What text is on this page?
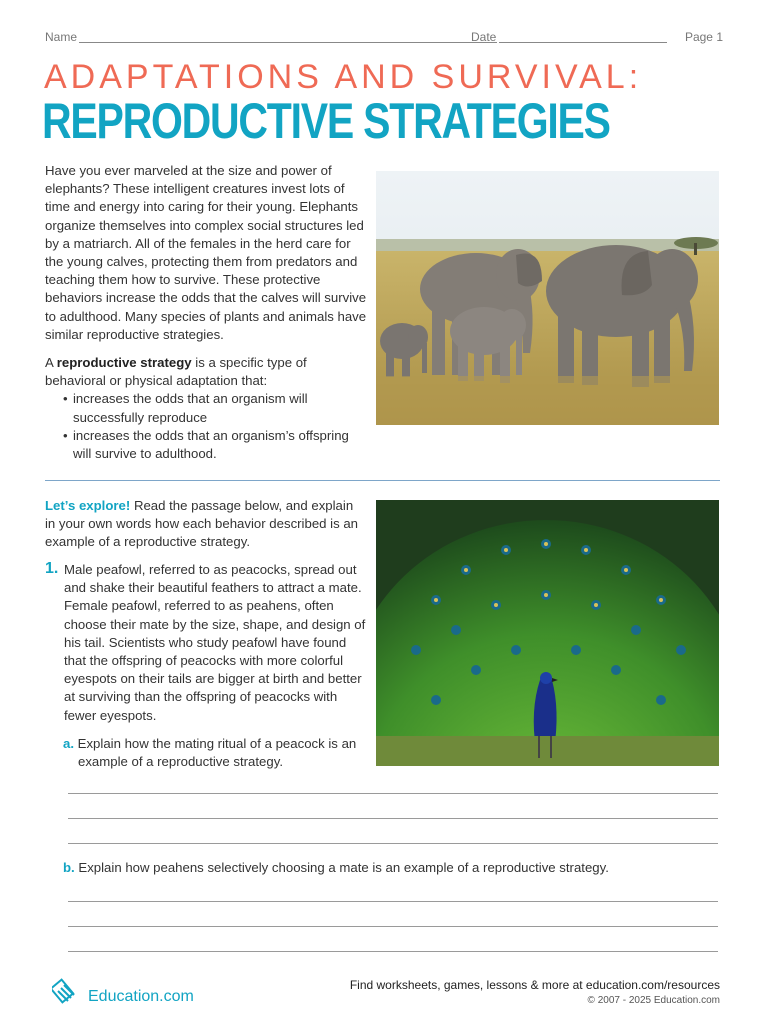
Name	Date	Page 1
ADAPTATIONS AND SURVIVAL:
REPRODUCTIVE STRATEGIES

Have you ever marveled at the size and power of elephants? These intelligent creatures invest lots of time and energy into caring for their young. Elephants organize themselves into complex social structures led by a matriarch. All of the females in the herd care for the young calves, protecting them from predators and teaching them how to survive. These protective behaviors increase the odds that the calves will survive to adulthood. Many species of plants and animals have similar reproductive strategies.

A reproductive strategy is a specific type of behavioral or physical adaptation that:

• increases the odds that an organism will successfully reproduce
• increases the odds that an organism’s offspring will survive to adulthood.

Let’s explore! Read the passage below, and explain in your own words how each behavior described is an example of a reproductive strategy.

1. Male peafowl, referred to as peacocks, spread out and shake their beautiful feathers to attract a mate. Female peafowl, referred to as peahens, often choose their mate by the size, shape, and design of his tail. Scientists who study peafowl have found that the offspring of peacocks with more colorful eyespots on their tails are bigger at birth and better at surviving than the offspring of peacocks with fewer eyespots.

a. Explain how the mating ritual of a peacock is an example of a reproductive strategy.

b. Explain how peahens selectively choosing a mate is an example of a reproductive strategy.

Education.com
Find worksheets, games, lessons & more at education.com/resources
© 2007 - 2025 Education.com
